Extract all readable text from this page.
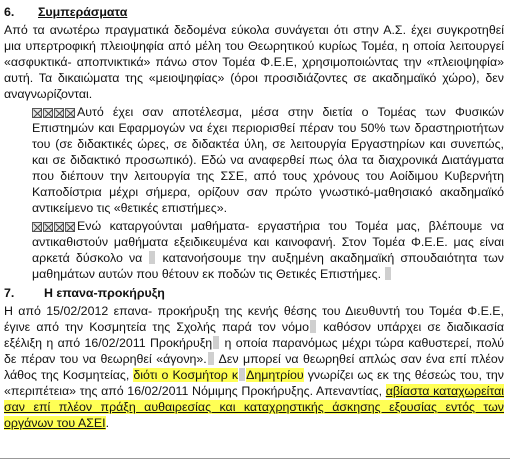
6.	Συμπεράσματα

Από τα ανωτέρω πραγματικά δεδομένα εύκολα συνάγεται ότι στην Α.Σ. έχει συγκροτηθεί μια υπερτροφική πλειοψηφία από μέλη του Θεωρητικού κυρίως Τομέα, η οποία λειτουργεί «ασφυκτικά- αποπνικτικά» πάνω στον Τομέα Φ.Ε.Ε, χρησιμοποιώντας την «πλειοψηφία» αυτή. Τα δικαιώματα της «μειοψηφίας» (όροι προσιδιάζοντες σε ακαδημαϊκό χώρο), δεν αναγνωρίζονται.

Αυτό έχει σαν αποτέλεσμα, μέσα στην διετία ο Τομέας των Φυσικών Επιστημών και Εφαρμογών να έχει περιορισθεί πέραν του 50% των δραστηριοτήτων του (σε διδακτικές ώρες, σε διδακτέα ύλη, σε λειτουργία Εργαστηρίων και συνεπώς, και σε διδακτικό προσωπικό). Εδώ να αναφερθεί πως όλα τα διαχρονικά Διατάγματα που διέπουν την λειτουργία της ΣΣΕ, από τους χρόνους του Αοίδιμου Κυβερνήτη Καποδίστρια μέχρι σήμερα, ορίζουν σαν πρώτο γνωστικό-μαθησιακό ακαδημαϊκό αντικείμενο τις «θετικές επιστήμες».
Ενώ καταργούνται μαθήματα- εργαστήρια του Τομέα μας, βλέπουμε να αντικαθιστούν μαθήματα εξειδικευμένα και καινοφανή. Στον Τομέα Φ.Ε.Ε. μας είναι αρκετά δύσκολο να κατανοήσουμε την αυξημένη ακαδημαϊκή σπουδαιότητα των μαθημάτων αυτών που θέτουν εκ ποδών τις Θετικές Επιστήμες.
7.	Η επανα-προκήρυξη

Η από 15/02/2012 επανα- προκήρυξη της κενής θέσης του Διευθυντή του Τομέα Φ.Ε.Ε, έγινε από την Κοσμητεία της Σχολής παρά τον νόμο καθόσον υπάρχει σε διαδικασία εξέλιξη η από 16/02/2011 Προκήρυξη η οποία παρανόμως μέχρι τώρα καθυστερεί, πολύ δε πέραν του να θεωρηθεί «άγονη». Δεν μπορεί να θεωρηθεί απλώς σαν ένα επί πλέον λάθος της Κοσμητείας, διότι ο Κοσμήτορ κ Δημητρίου γνωρίζει ως εκ της θέσεώς του, την «περιπέτεια» της από 16/02/2011 Νόμιμης Προκήρυξης. Απεναντίας, αβίαστα καταχωρείται σαν επί πλέον πράξη αυθαιρεσίας και καταχρηστικής άσκησης εξουσίας εντός των οργάνων του ΑΣΕΙ.
